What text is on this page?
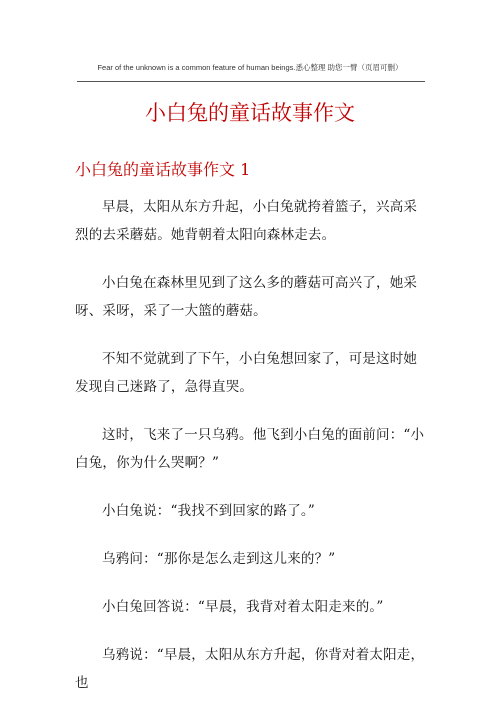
Fear of the unknown is a common feature of human beings.悉心整理 助您一臂（页眉可删）
小白兔的童话故事作文
小白兔的童话故事作文 1

早晨，太阳从东方升起，小白兔就挎着篮子，兴高采烈的去采蘑菇。她背朝着太阳向森林走去。

小白兔在森林里见到了这么多的蘑菇可高兴了，她采呀、采呀，采了一大篮的蘑菇。

不知不觉就到了下午，小白兔想回家了，可是这时她发现自己迷路了，急得直哭。

这时，飞来了一只乌鸦。他飞到小白兔的面前问：“小白兔，你为什么哭啊？”

小白兔说：“我找不到回家的路了。”

乌鸦问：“那你是怎么走到这儿来的？”

小白兔回答说：“早晨，我背对着太阳走来的。”

乌鸦说：“早晨，太阳从东方升起，你背对着太阳走，也
